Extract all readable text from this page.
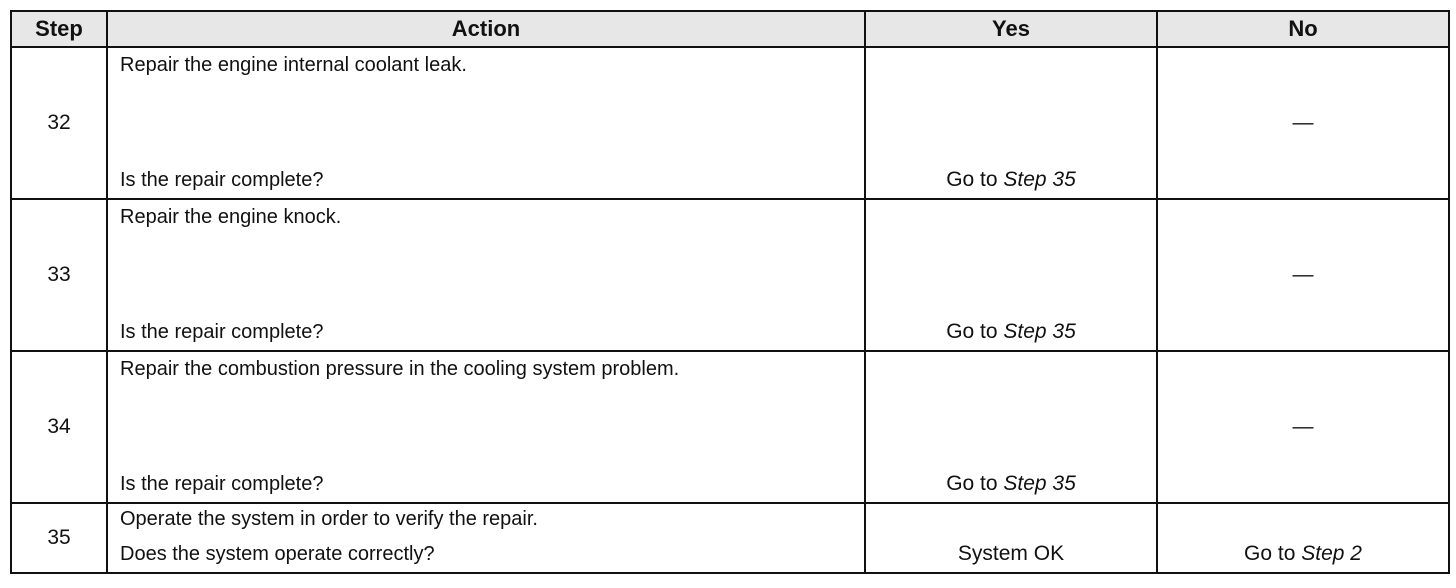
Step	Action	Yes	No
32	Repair the engine internal coolant leak.
Is the repair complete?	Go to Step 35	—
33	Repair the engine knock.
Is the repair complete?	Go to Step 35	—
34	Repair the combustion pressure in the cooling system problem.
Is the repair complete?	Go to Step 35	—
35	Operate the system in order to verify the repair.
Does the system operate correctly?	System OK	Go to Step 2
